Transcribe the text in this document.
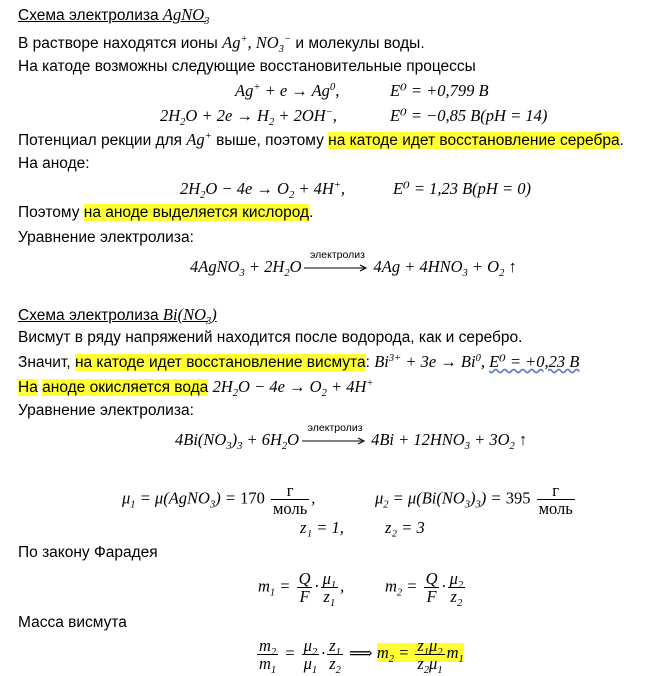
Схема электролиза AgNO$_3$
В растворе находятся ионы Ag+, $NO_3^-$ и молекулы воды.
На катоде возможны следующие восстановительные процессы
$Ag^+ + e \to Ag^0$,	E⁰ = +0,799 В
$2H_2O + 2e \to H_2 + 2OH^-$,	E⁰ = −0,85 В(pH = 14)
Потенциал рекции для Ag+ выше, поэтому на катоде идет восстановление серебра.
На аноде:
$2H_2O - 4e \to O_2 + 4H^+$,	E⁰ = 1,23 В(pH = 0)
Поэтому на аноде выделяется кислород.
Уравнение электролиза:
4AgNO$_3$ + $2H_2O$
электролиз
$4Ag + 4HNO_3 + O_2$ ↑
Схема электролиза $Bi(NO_3)$
Висмут в ряду напряжений находится после водорода, как и серебро.
Значит, на катоде идет восстановление висмута: $Bi^{3+} + 3e \to Bi^0$, E⁰ = +0,23 В
На аноде окисляется вода $2H_2O - 4e \to O_2 + 4H^+$
Уравнение электролиза:
$4Bi(NO_3)_3 + 6H_2O$
электролиз
$4Bi + 12HNO_3 + 3O_2$ ↑
$\mu_1$ = μ(AgNO$_3$) = $170 \frac{г}{\text{моль}}$ ,	$\mu_2 = \mu(Bi(NO_3)_3) = 395 \frac{г}{\text{моль}}$
z₁ = 1, z₂ = 3
По закону Фарадея
$m_1 = \frac{Q}{F} \cdot \frac{\mu_1}{z_1}$ , $m_2 = \frac{Q}{F} \cdot \frac{\mu_2}{z_2}$
Масса висмута
$\frac{m_2}{m_1} = \frac{\mu_2}{\mu_1} \cdot \frac{z_1}{z_2}$ ⟹ $m_2 = \frac{z_1\mu_2}{z_2\mu_1} m_1$
